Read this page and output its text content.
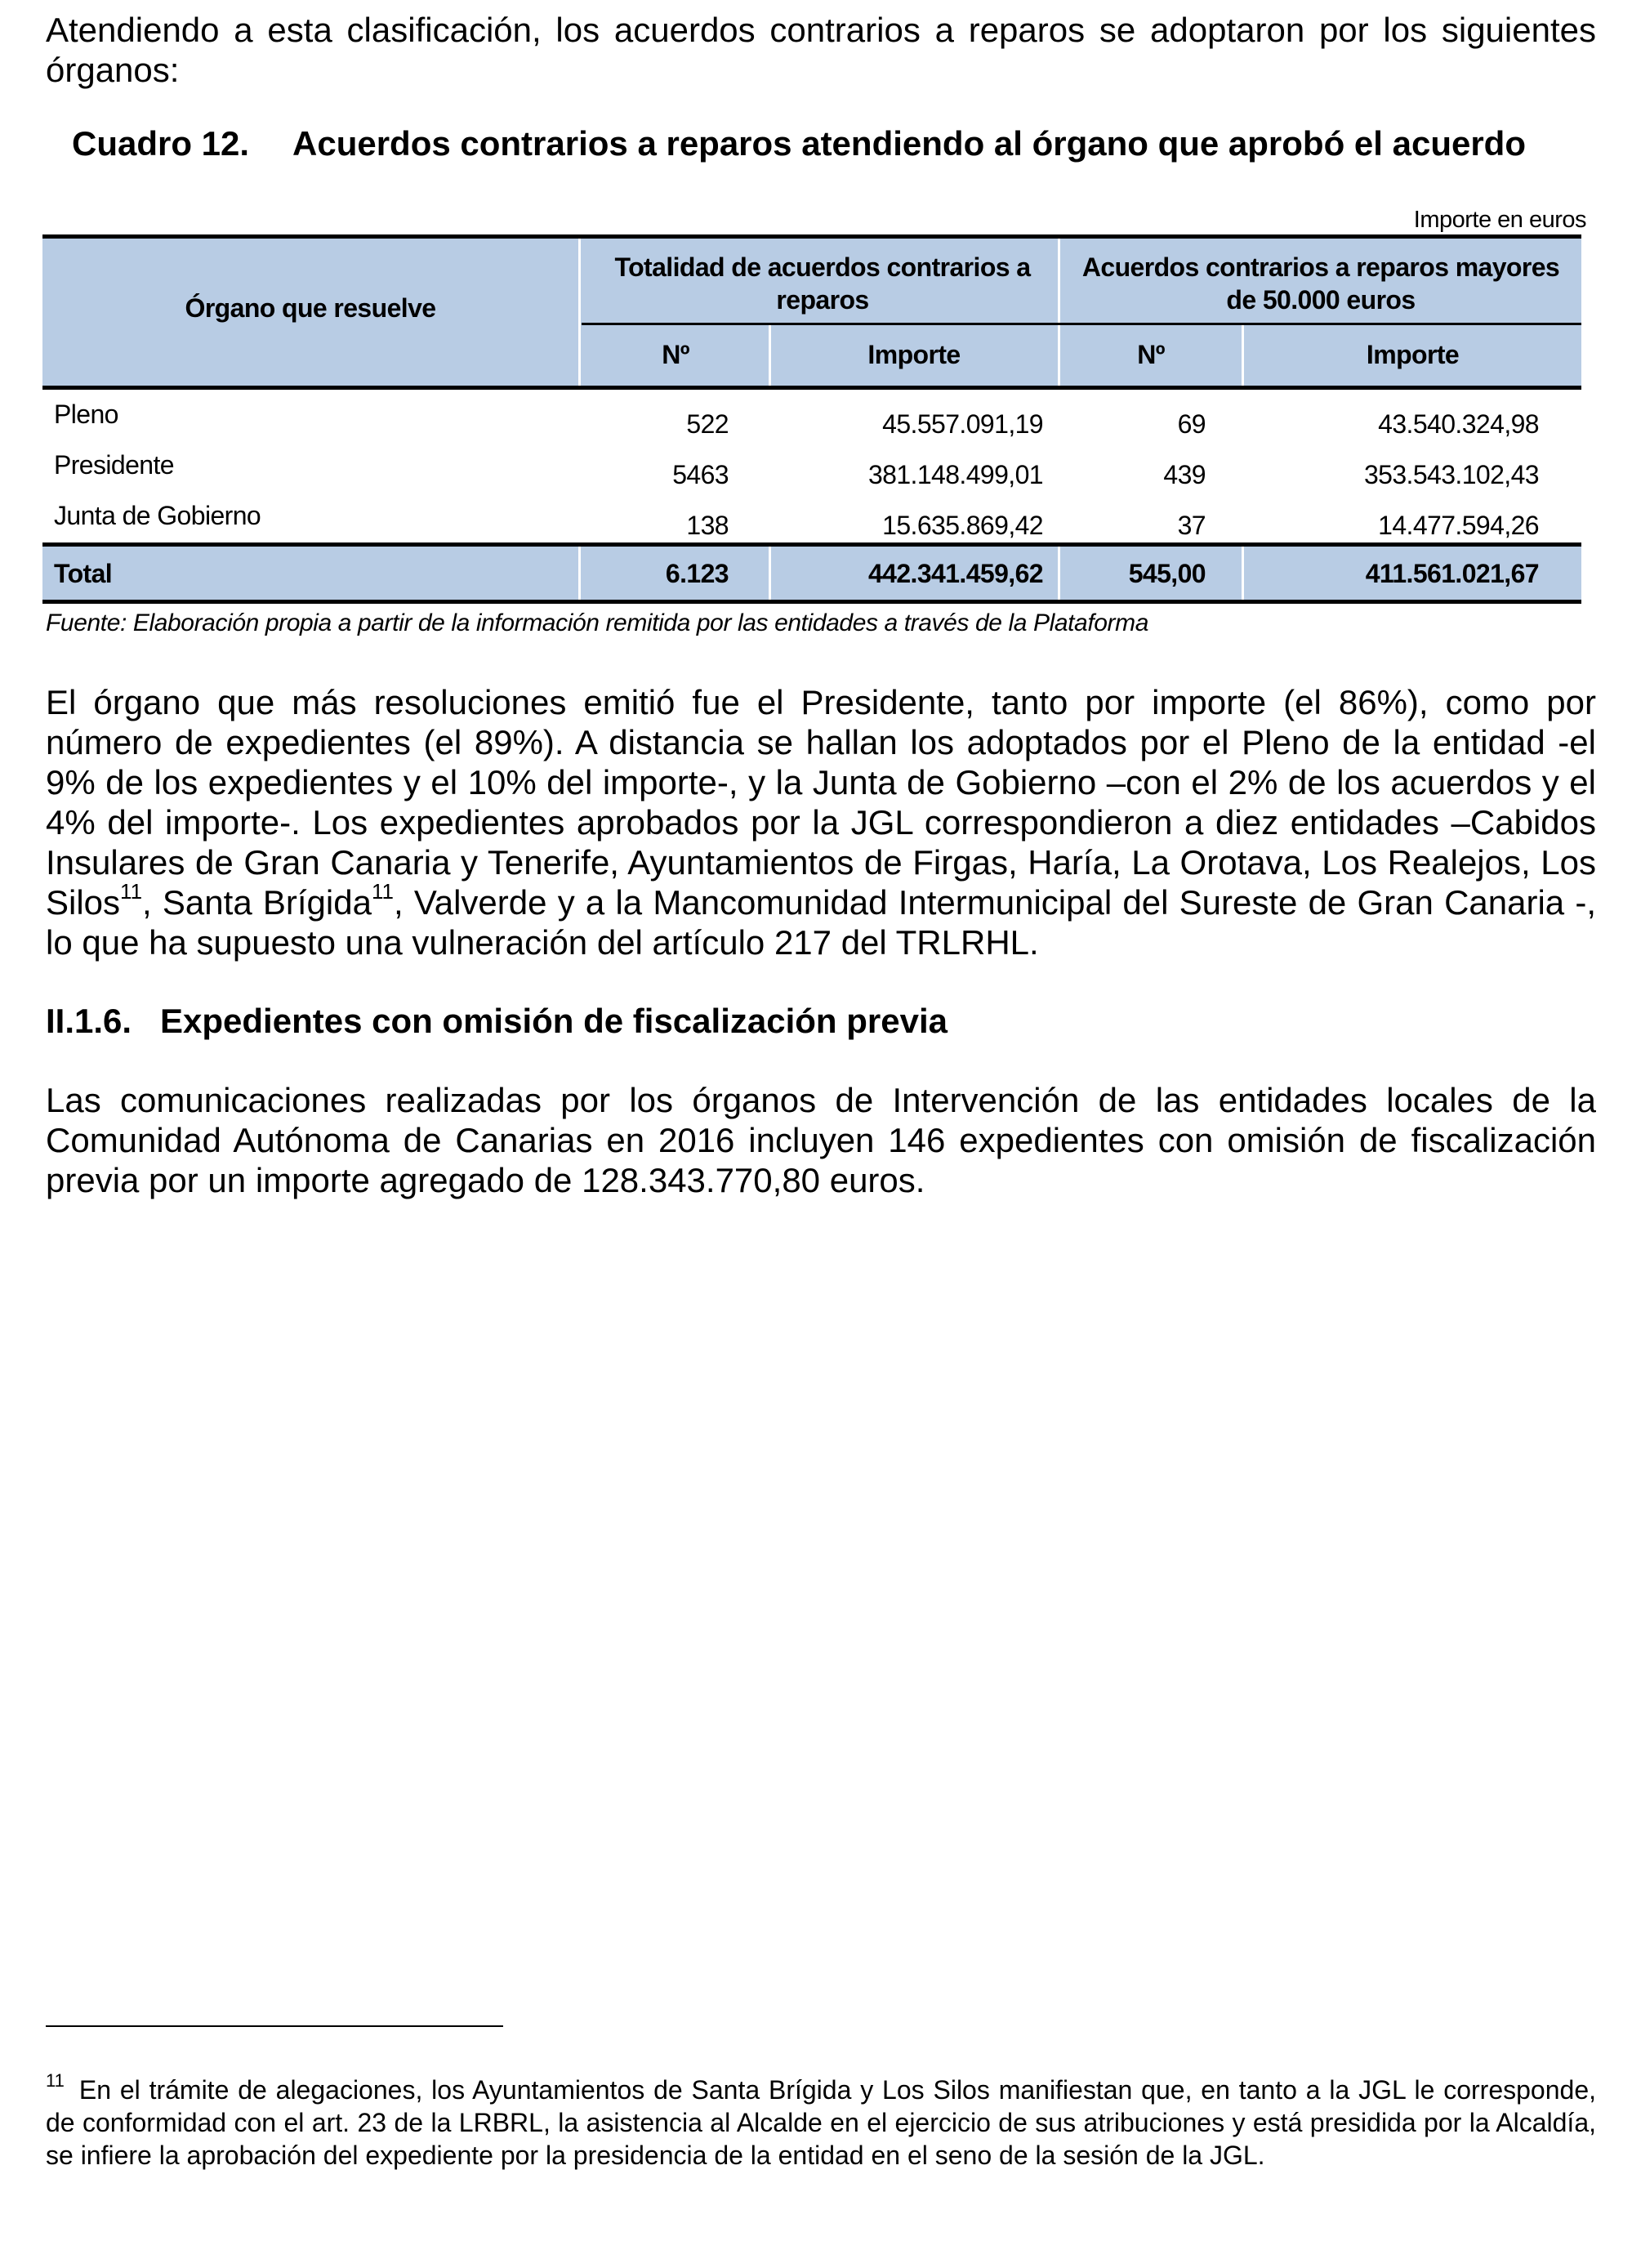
Atendiendo a esta clasificación, los acuerdos contrarios a reparos se adoptaron por los siguientes órganos:

Cuadro 12. Acuerdos contrarios a reparos atendiendo al órgano que aprobó el acuerdo
Importe en euros
Órgano que resuelve
Totalidad de acuerdos contrarios a reparos
Acuerdos contrarios a reparos mayores de 50.000 euros
Nº	Importe	Nº	Importe
Pleno	522	45.557.091,19	69	43.540.324,98
Presidente	5463	381.148.499,01	439	353.543.102,43
Junta de Gobierno	138	15.635.869,42	37	14.477.594,26
Total	6.123	442.341.459,62	545,00	411.561.021,67
Fuente: Elaboración propia a partir de la información remitida por las entidades a través de la Plataforma

El órgano que más resoluciones emitió fue el Presidente, tanto por importe (el 86%), como por número de expedientes (el 89%). A distancia se hallan los adoptados por el Pleno de la entidad -el 9% de los expedientes y el 10% del importe-, y la Junta de Gobierno –con el 2% de los acuerdos y el 4% del importe-. Los expedientes aprobados por la JGL correspondieron a diez entidades –Cabidos Insulares de Gran Canaria y Tenerife, Ayuntamientos de Firgas, Haría, La Orotava, Los Realejos, Los Silos$^{11}$, Santa Brígida$^{11}$, Valverde y a la Mancomunidad Intermunicipal del Sureste de Gran Canaria -, lo que ha supuesto una vulneración del artículo 217 del TRLRHL.

II.1.6. Expedientes con omisión de fiscalización previa

Las comunicaciones realizadas por los órganos de Intervención de las entidades locales de la Comunidad Autónoma de Canarias en 2016 incluyen 146 expedientes con omisión de fiscalización previa por un importe agregado de 128.343.770,80 euros.

$^{11}$ En el trámite de alegaciones, los Ayuntamientos de Santa Brígida y Los Silos manifiestan que, en tanto a la JGL le corresponde, de conformidad con el art. 23 de la LRBRL, la asistencia al Alcalde en el ejercicio de sus atribuciones y está presidida por la Alcaldía, se infiere la aprobación del expediente por la presidencia de la entidad en el seno de la sesión de la JGL.
